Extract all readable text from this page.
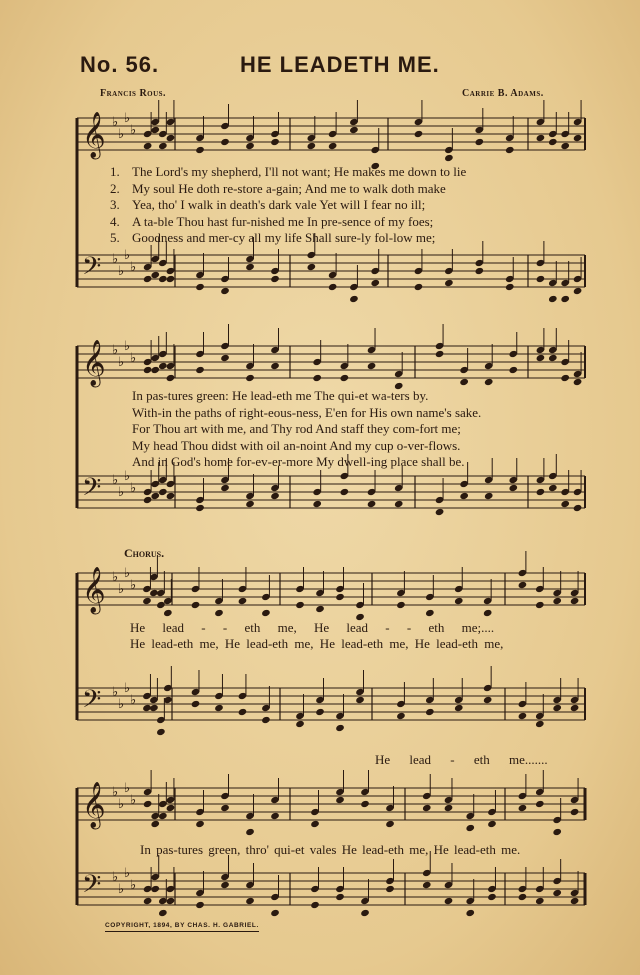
No. 56.	HE LEADETH ME.
Francis Rous.	Carrie B. Adams.
𝄞 ♭
♭
♭
♭
𝄢 ♭
♭
♭
♭
𝄞 ♭
♭
♭
♭
𝄢 ♭
♭
♭
♭
𝄞 ♭
♭
♭
♭
𝄢 ♭
♭
♭
♭
𝄞 ♭
♭
♭
♭
𝄢 ♭
♭
♭
♭
1. The Lord's my shepherd, I'll not want; He makes me down to lie
2. My soul He doth re-store a-gain; And me to walk doth make
3. Yea, tho' I walk in death's dark vale Yet will I fear no ill;
4. A ta-ble Thou hast fur-nished me In pre-sence of my foes;
5. Goodness and mer-cy all my life Shall sure-ly fol-low me;
In pas-tures green: He lead-eth me The qui-et wa-ters by.
With-in the paths of right-eous-ness, E'en for His own name's sake.
For Thou art with me, and Thy rod And staff they com-fort me;
My head Thou didst with oil an-noint And my cup o-ver-flows.
And in God's home for-ev-er-more My dwell-ing place shall be.
Chorus.
He lead - - eth me, He lead - - eth me;....
He lead-eth me, He lead-eth me, He lead-eth me, He lead-eth me,
He lead - eth me.......
In pas-tures green, thro' qui-et vales He lead-eth me, He lead-eth me.
COPYRIGHT, 1894, BY CHAS. H. GABRIEL.
